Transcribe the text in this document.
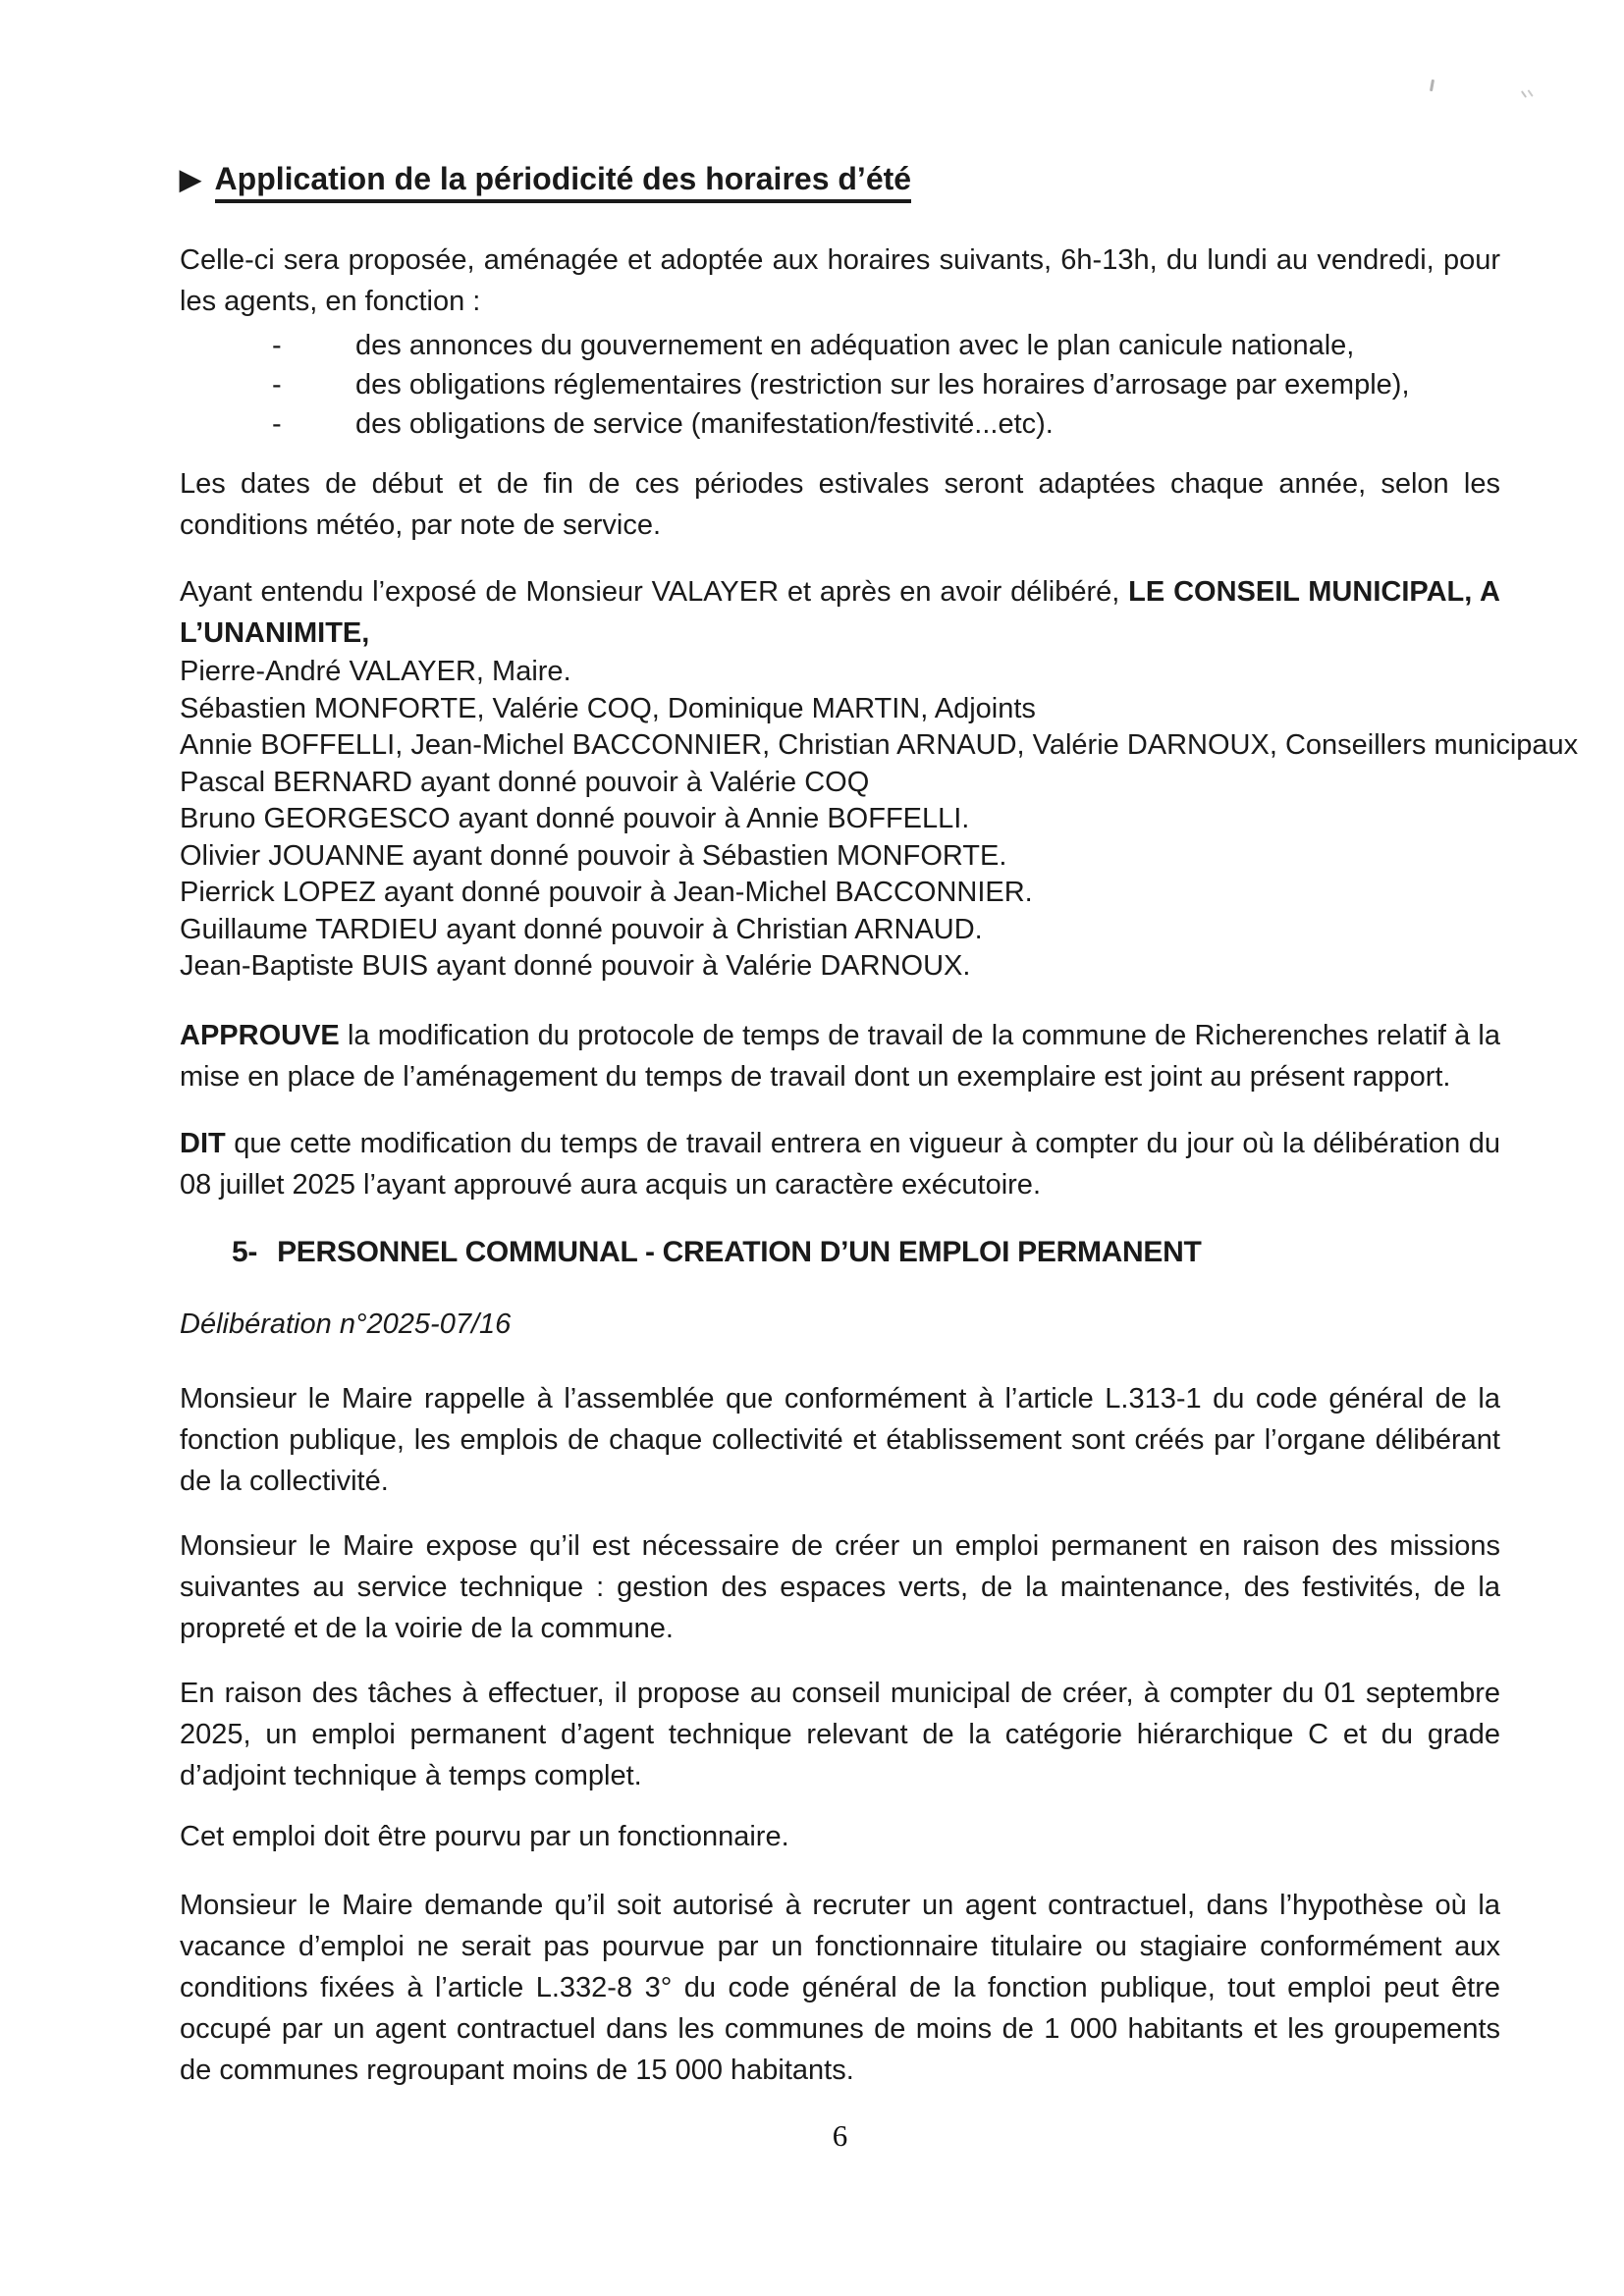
▶ Application de la périodicité des horaires d’été

Celle-ci sera proposée, aménagée et adoptée aux horaires suivants, 6h-13h, du lundi au vendredi, pour les agents, en fonction :

-	des annonces du gouvernement en adéquation avec le plan canicule nationale,
-	des obligations réglementaires (restriction sur les horaires d’arrosage par exemple),
-	des obligations de service (manifestation/festivité...etc).

Les dates de début et de fin de ces périodes estivales seront adaptées chaque année, selon les conditions météo, par note de service.

Ayant entendu l’exposé de Monsieur VALAYER et après en avoir délibéré, LE CONSEIL MUNICIPAL, A L’UNANIMITE,

Pierre-André VALAYER, Maire.
Sébastien MONFORTE, Valérie COQ, Dominique MARTIN, Adjoints
Annie BOFFELLI, Jean-Michel BACCONNIER, Christian ARNAUD, Valérie DARNOUX, Conseillers municipaux
Pascal BERNARD ayant donné pouvoir à Valérie COQ
Bruno GEORGESCO ayant donné pouvoir à Annie BOFFELLI.
Olivier JOUANNE ayant donné pouvoir à Sébastien MONFORTE.
Pierrick LOPEZ ayant donné pouvoir à Jean-Michel BACCONNIER.
Guillaume TARDIEU ayant donné pouvoir à Christian ARNAUD.
Jean-Baptiste BUIS ayant donné pouvoir à Valérie DARNOUX.

APPROUVE la modification du protocole de temps de travail de la commune de Richerenches relatif à la mise en place de l’aménagement du temps de travail dont un exemplaire est joint au présent rapport.

DIT que cette modification du temps de travail entrera en vigueur à compter du jour où la délibération du 08 juillet 2025 l’ayant approuvé aura acquis un caractère exécutoire.

5- PERSONNEL COMMUNAL - CREATION D’UN EMPLOI PERMANENT

Délibération n°2025-07/16

Monsieur le Maire rappelle à l’assemblée que conformément à l’article L.313-1 du code général de la fonction publique, les emplois de chaque collectivité et établissement sont créés par l’organe délibérant de la collectivité.

Monsieur le Maire expose qu’il est nécessaire de créer un emploi permanent en raison des missions suivantes au service technique : gestion des espaces verts, de la maintenance, des festivités, de la propreté et de la voirie de la commune.

En raison des tâches à effectuer, il propose au conseil municipal de créer, à compter du 01 septembre 2025, un emploi permanent d’agent technique relevant de la catégorie hiérarchique C et du grade d’adjoint technique à temps complet.

Cet emploi doit être pourvu par un fonctionnaire.

Monsieur le Maire demande qu’il soit autorisé à recruter un agent contractuel, dans l’hypothèse où la vacance d’emploi ne serait pas pourvue par un fonctionnaire titulaire ou stagiaire conformément aux conditions fixées à l’article L.332-8 3° du code général de la fonction publique, tout emploi peut être occupé par un agent contractuel dans les communes de moins de 1 000 habitants et les groupements de communes regroupant moins de 15 000 habitants.

6
